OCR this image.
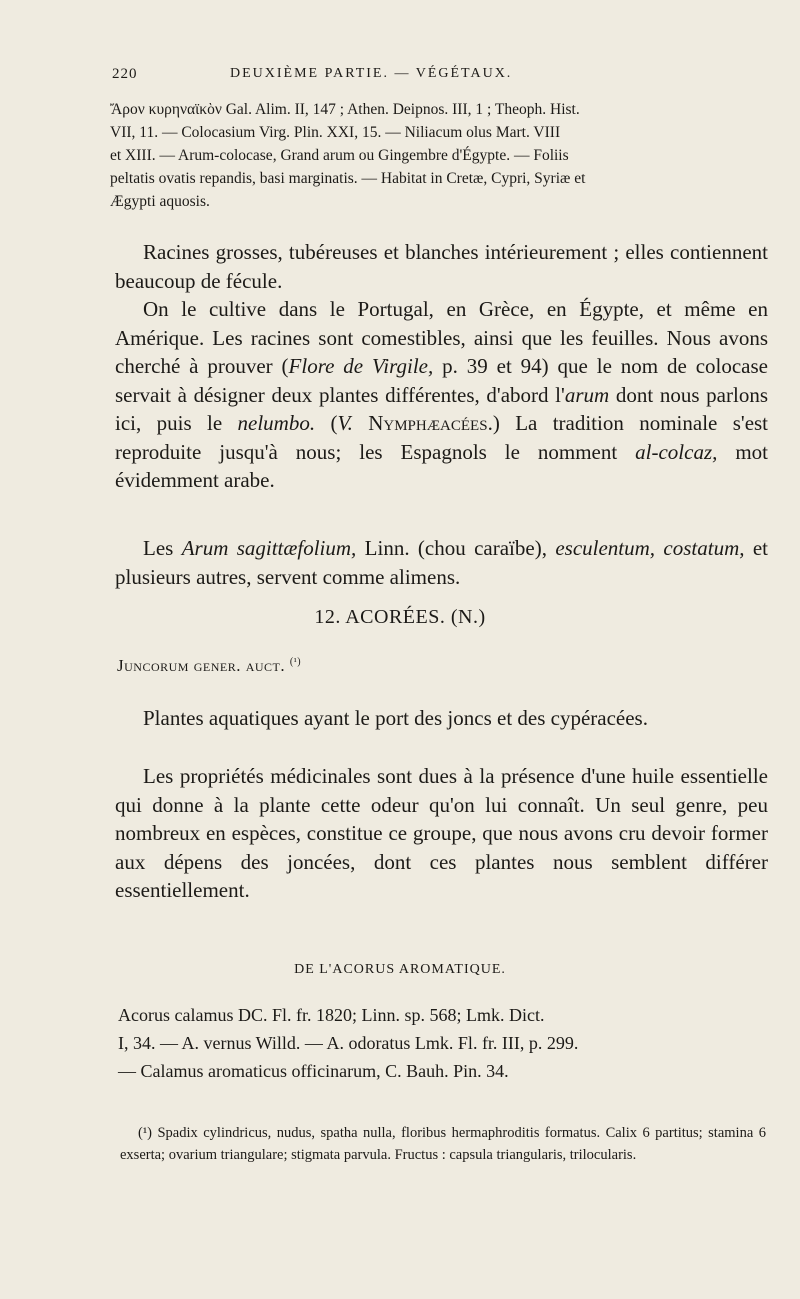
220	DEUXIÈME PARTIE. — VÉGÉTAUX.

Ἄρον κυρηναϊκὸν Gal. Alim. II, 147 ; Athen. Deipnos. III, 1 ; Theoph. Hist.

VII, 11. — Colocasium Virg. Plin. XXI, 15. — Niliacum olus Mart. VIII

et XIII. — Arum-colocase, Grand arum ou Gingembre d'Égypte. — Foliis

peltatis ovatis repandis, basi marginatis. — Habitat in Cretæ, Cypri, Syriæ et

Ægypti aquosis.

Racines grosses, tubéreuses et blanches intérieurement ; elles contiennent beaucoup de fécule.

On le cultive dans le Portugal, en Grèce, en Égypte, et même en Amérique. Les racines sont comestibles, ainsi que les feuilles. Nous avons cherché à prouver (Flore de Virgile, p. 39 et 94) que le nom de colocase servait à désigner deux plantes différentes, d'abord l'arum dont nous parlons ici, puis le nelumbo. (V. Nymphæacées.) La tradition nominale s'est reproduite jusqu'à nous; les Espagnols le nomment al-colcaz, mot évidemment arabe.

Les Arum sagittæfolium, Linn. (chou caraïbe), esculentum, costatum, et plusieurs autres, servent comme alimens.

12. ACORÉES. (N.)
Juncorum gener. auct. $^{(^1)}$

Plantes aquatiques ayant le port des joncs et des cypéracées.

Les propriétés médicinales sont dues à la présence d'une huile essentielle qui donne à la plante cette odeur qu'on lui connaît. Un seul genre, peu nombreux en espèces, constitue ce groupe, que nous avons cru devoir former aux dépens des joncées, dont ces plantes nous semblent différer essentiellement.

DE L'ACORUS AROMATIQUE.

Acorus calamus DC. Fl. fr. 1820; Linn. sp. 568; Lmk. Dict.

I, 34. — A. vernus Willd. — A. odoratus Lmk. Fl. fr. III, p. 299.

— Calamus aromaticus officinarum, C. Bauh. Pin. 34.

(¹) Spadix cylindricus, nudus, spatha nulla, floribus hermaphroditis formatus. Calix 6 partitus; stamina 6 exserta; ovarium triangulare; stigmata parvula. Fructus : capsula triangularis, trilocularis.
